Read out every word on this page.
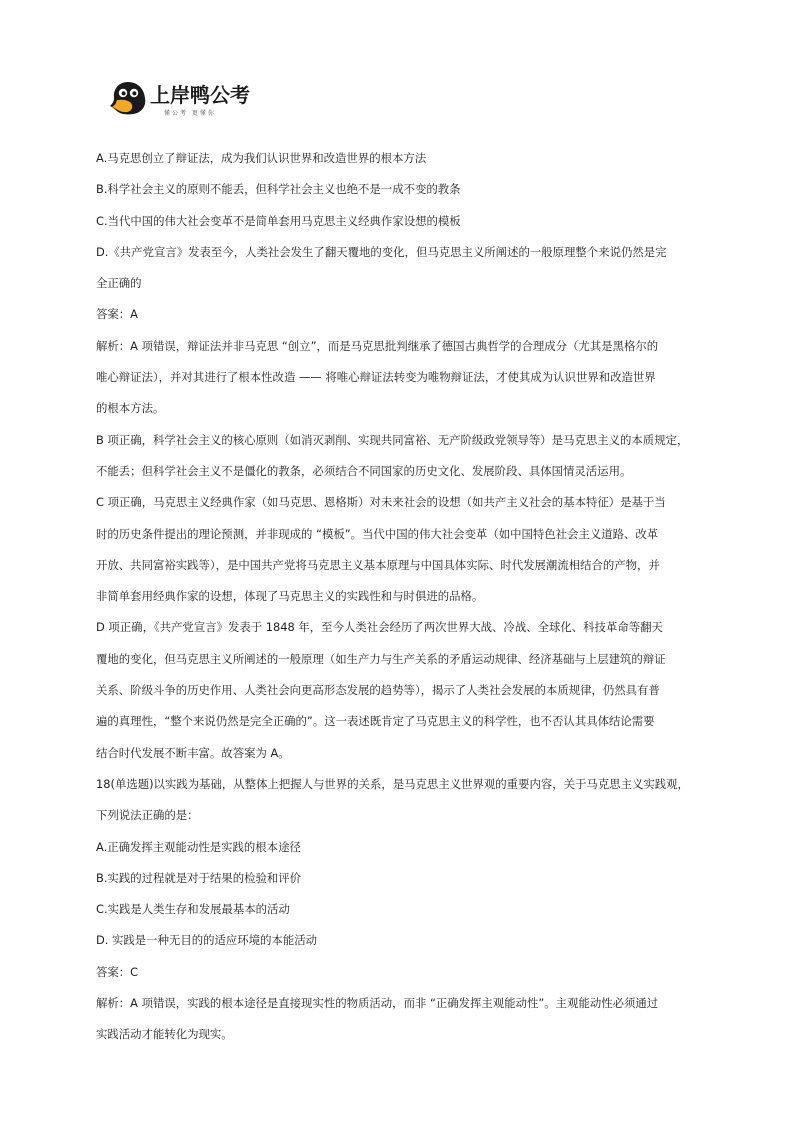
上岸鸭公考
懂公考 更懂你

A.马克思创立了辩证法，成为我们认识世界和改造世界的根本方法

B.科学社会主义的原则不能丢，但科学社会主义也绝不是一成不变的教条

C.当代中国的伟大社会变革不是简单套用马克思主义经典作家设想的模板

D.《共产党宣言》发表至今，人类社会发生了翻天覆地的变化，但马克思主义所阐述的一般原理整个来说仍然是完

全正确的

答案：A

解析：A 项错误，辩证法并非马克思 “创立”，而是马克思批判继承了德国古典哲学的合理成分（尤其是黑格尔的

唯心辩证法），并对其进行了根本性改造 —— 将唯心辩证法转变为唯物辩证法，才使其成为认识世界和改造世界

的根本方法。

B 项正确，科学社会主义的核心原则（如消灭剥削、实现共同富裕、无产阶级政党领导等）是马克思主义的本质规定，

不能丢；但科学社会主义不是僵化的教条，必须结合不同国家的历史文化、发展阶段、具体国情灵活运用。

C 项正确，马克思主义经典作家（如马克思、恩格斯）对未来社会的设想（如共产主义社会的基本特征）是基于当

时的历史条件提出的理论预测，并非现成的 “模板”。当代中国的伟大社会变革（如中国特色社会主义道路、改革

开放、共同富裕实践等），是中国共产党将马克思主义基本原理与中国具体实际、时代发展潮流相结合的产物，并

非简单套用经典作家的设想，体现了马克思主义的实践性和与时俱进的品格。

D 项正确，《共产党宣言》发表于 1848 年，至今人类社会经历了两次世界大战、冷战、全球化、科技革命等翻天

覆地的变化，但马克思主义所阐述的一般原理（如生产力与生产关系的矛盾运动规律、经济基础与上层建筑的辩证

关系、阶级斗争的历史作用、人类社会向更高形态发展的趋势等），揭示了人类社会发展的本质规律，仍然具有普

遍的真理性，“整个来说仍然是完全正确的”。这一表述既肯定了马克思主义的科学性，也不否认其具体结论需要

结合时代发展不断丰富。故答案为 A。

18(单选题)以实践为基础，从整体上把握人与世界的关系，是马克思主义世界观的重要内容，关于马克思主义实践观，

下列说法正确的是：

A.正确发挥主观能动性是实践的根本途径

B.实践的过程就是对于结果的检验和评价

C.实践是人类生存和发展最基本的活动

D. 实践是一种无目的的适应环境的本能活动

答案：C

解析：A 项错误，实践的根本途径是直接现实性的物质活动，而非 “正确发挥主观能动性”。主观能动性必须通过

实践活动才能转化为现实。
